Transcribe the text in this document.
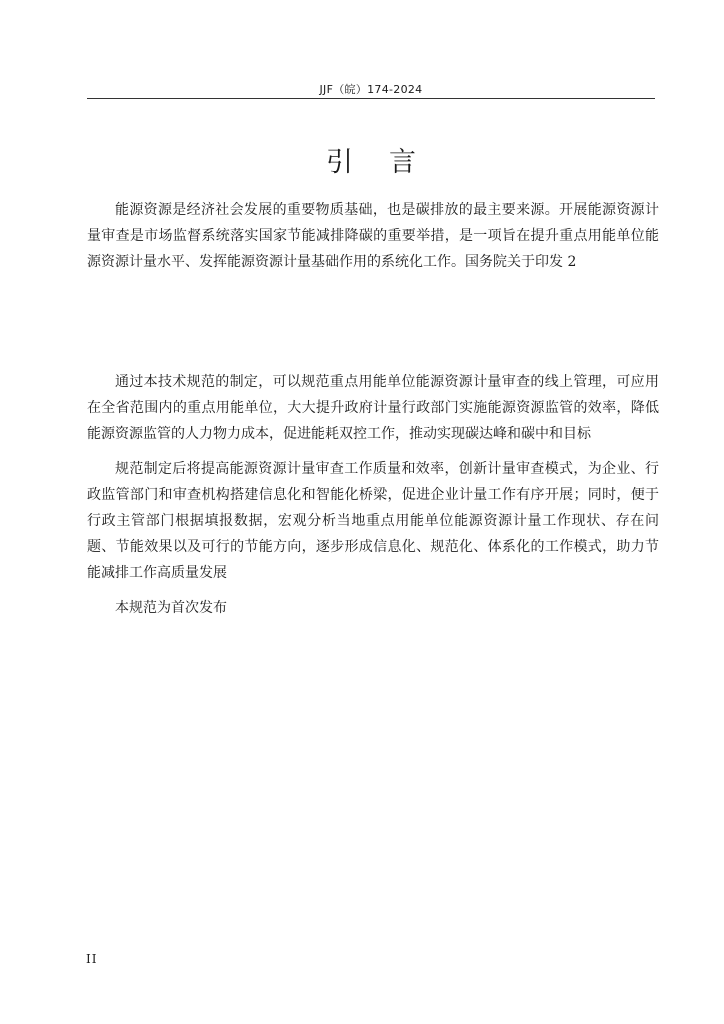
JJF（皖）174-2024
引言

能源资源是经济社会发展的重要物质基础，也是碳排放的最主要来源。开展能源资源计量审查是市场监督系统落实国家节能减排降碳的重要举措，是一项旨在提升重点用能单位能源资源计量水平、发挥能源资源计量基础作用的系统化工作。国务院关于印发 2

通过本技术规范的制定，可以规范重点用能单位能源资源计量审查的线上管理，可应用在全省范围内的重点用能单位，大大提升政府计量行政部门实施能源资源监管的效率，降低能源资源监管的人力物力成本，促进能耗双控工作，推动实现碳达峰和碳中和目标

规范制定后将提高能源资源计量审查工作质量和效率，创新计量审查模式，为企业、行政监管部门和审查机构搭建信息化和智能化桥梁，促进企业计量工作有序开展；同时，便于行政主管部门根据填报数据，宏观分析当地重点用能单位能源资源计量工作现状、存在问题、节能效果以及可行的节能方向，逐步形成信息化、规范化、体系化的工作模式，助力节能减排工作高质量发展

本规范为首次发布

II
